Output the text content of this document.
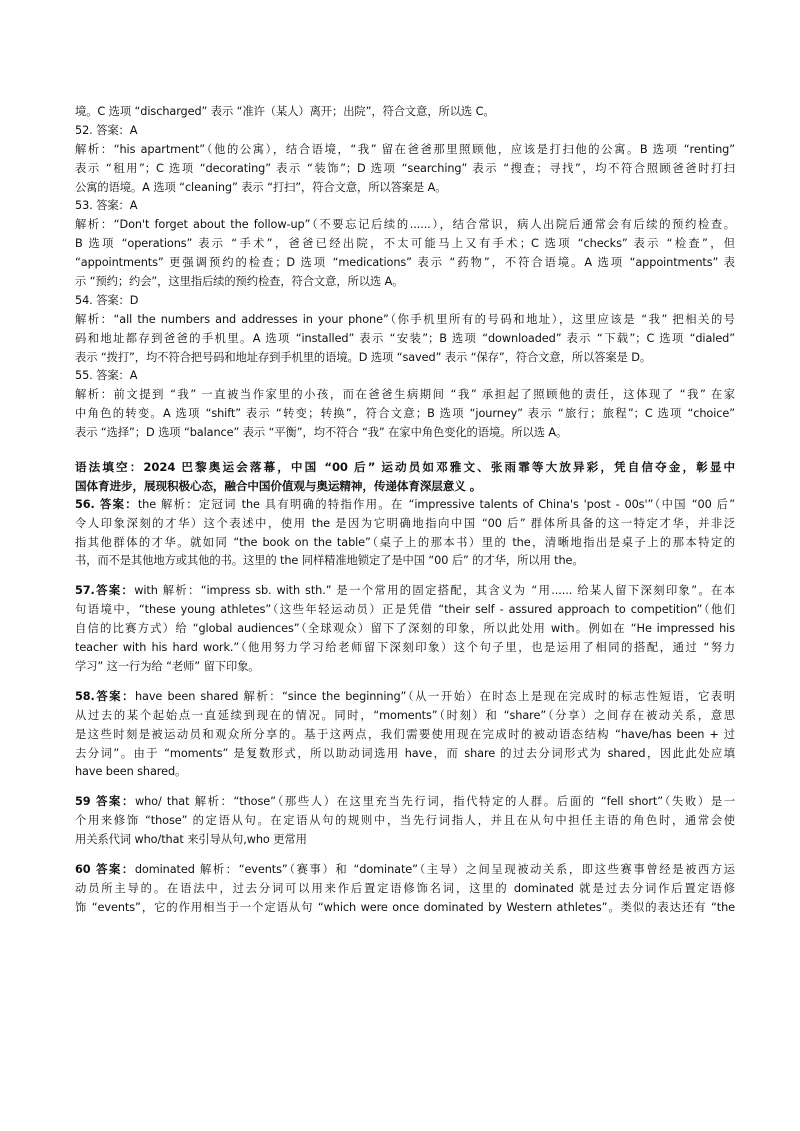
境。C 选项 “discharged” 表示 “准许（某人）离开；出院”，符合文意，所以选 C。
52. 答案：A
解析：“his apartment”（他的公寓），结合语境，“我” 留在爸爸那里照顾他，应该是打扫他的公寓。B 选项 “renting”
表示 “租用”；C 选项 “decorating” 表示 “装饰”；D 选项 “searching” 表示 “搜查；寻找”，均不符合照顾爸爸时打扫
公寓的语境。A 选项 “cleaning” 表示 “打扫”，符合文意，所以答案是 A。
53. 答案：A
解析：“Don't forget about the follow-up”（不要忘记后续的......），结合常识，病人出院后通常会有后续的预约检查。
B 选项 “operations” 表示 “手术”，爸爸已经出院，不太可能马上又有手术；C 选项 “checks” 表示 “检查”，但
“appointments” 更强调预约的检查；D 选项 “medications” 表示 “药物”，不符合语境。A 选项 “appointments” 表
示 “预约；约会”，这里指后续的预约检查，符合文意，所以选 A。
54. 答案：D
解析：“all the numbers and addresses in your phone”（你手机里所有的号码和地址），这里应该是 “我” 把相关的号
码和地址都存到爸爸的手机里。A 选项 “installed” 表示 “安装”；B 选项 “downloaded” 表示 “下载”；C 选项 “dialed”
表示 “拨打”，均不符合把号码和地址存到手机里的语境。D 选项 “saved” 表示 “保存”，符合文意，所以答案是 D。
55. 答案：A
解析：前文提到 “我” 一直被当作家里的小孩，而在爸爸生病期间 “我” 承担起了照顾他的责任，这体现了 “我” 在家
中角色的转变。A 选项 “shift” 表示 “转变；转换”，符合文意；B 选项 “journey” 表示 “旅行；旅程”；C 选项 “choice”
表示 “选择”；D 选项 “balance” 表示 “平衡”，均不符合 “我” 在家中角色变化的语境。所以选 A。
语法填空：2024 巴黎奥运会落幕，中国 “00 后” 运动员如邓雅文、张雨霏等大放异彩，凭自信夺金，彰显中
国体育进步，展现积极心态，融合中国价值观与奥运精神，传递体育深层意义 。
56. 答案：the 解析：定冠词 the 具有明确的特指作用。在 “impressive talents of China's 'post - 00s'”（中国 “00 后”
令人印象深刻的才华）这个表述中，使用 the 是因为它明确地指向中国 “00 后” 群体所具备的这一特定才华，并非泛
指其他群体的才华。就如同 “the book on the table”（桌子上的那本书）里的 the，清晰地指出是桌子上的那本特定的
书，而不是其他地方或其他的书。这里的 the 同样精准地锁定了是中国 “00 后” 的才华，所以用 the。
57.答案：with 解析：“impress sb. with sth.” 是一个常用的固定搭配，其含义为 “用...... 给某人留下深刻印象”。在本
句语境中，“these young athletes”（这些年轻运动员）正是凭借 “their self - assured approach to competition”（他们
自信的比赛方式）给 “global audiences”（全球观众）留下了深刻的印象，所以此处用 with。例如在 “He impressed his
teacher with his hard work.”（他用努力学习给老师留下深刻印象）这个句子里，也是运用了相同的搭配，通过 “努力
学习” 这一行为给 “老师” 留下印象。
58.答案：have been shared 解析：“since the beginning”（从一开始）在时态上是现在完成时的标志性短语，它表明
从过去的某个起始点一直延续到现在的情况。同时，“moments”（时刻）和 “share”（分享）之间存在被动关系，意思
是这些时刻是被运动员和观众所分享的。基于这两点，我们需要使用现在完成时的被动语态结构 “have/has been + 过
去分词”。由于 “moments” 是复数形式，所以助动词选用 have，而 share 的过去分词形式为 shared，因此此处应填
have been shared。
59 答案：who/ that 解析：“those”（那些人）在这里充当先行词，指代特定的人群。后面的 “fell short”（失败）是一
个用来修饰 “those” 的定语从句。在定语从句的规则中，当先行词指人，并且在从句中担任主语的角色时，通常会使
用关系代词 who/that 来引导从句,who 更常用
60 答案：dominated 解析：“events”（赛事）和 “dominate”（主导）之间呈现被动关系，即这些赛事曾经是被西方运
动员所主导的。在语法中，过去分词可以用来作后置定语修饰名词，这里的 dominated 就是过去分词作后置定语修
饰 “events”，它的作用相当于一个定语从句 “which were once dominated by Western athletes”。类似的表达还有 “the
